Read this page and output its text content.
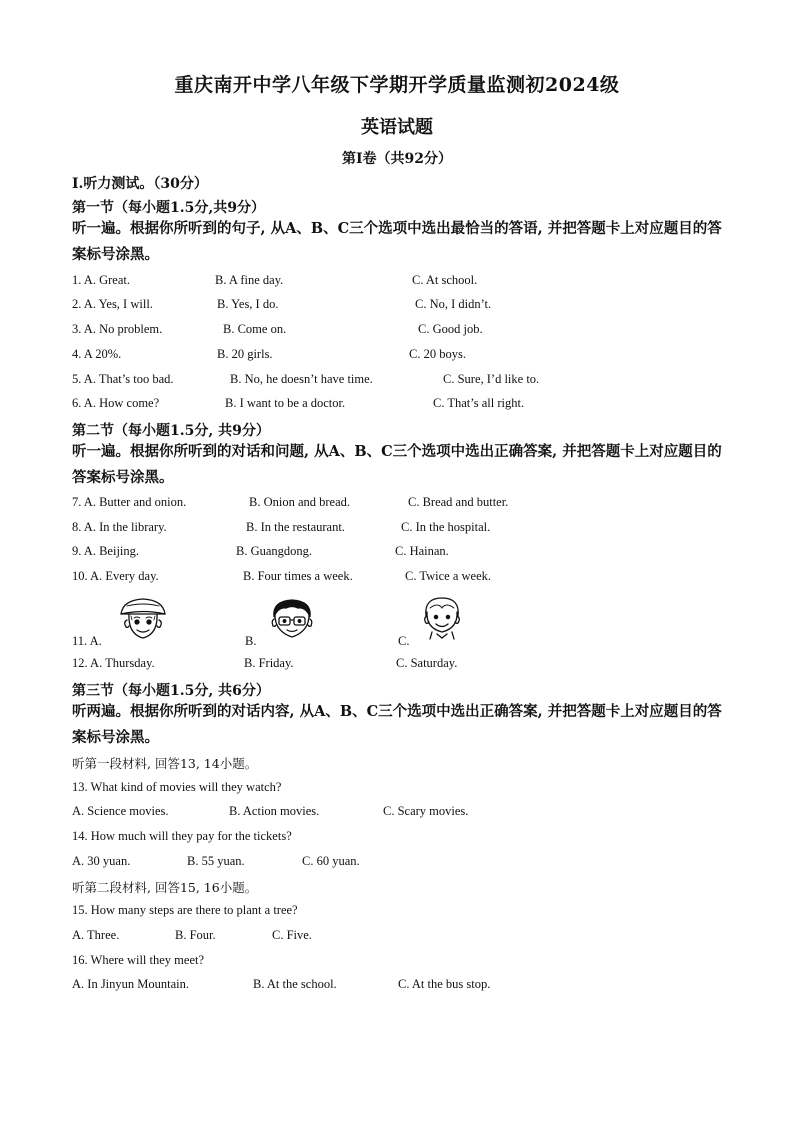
重庆南开中学八年级下学期开学质量监测初2024级
英语试题
第I卷（共92分）
I.听力测试。（30分）
第一节（每小题1.5分,共9分）
听一遍。根据你所听到的句子, 从A、B、C三个选项中选出最恰当的答语, 并把答题卡上对应题目的答案标号涂黑。
1. A. Great.	B. A fine day.	C. At school.
2. A. Yes, I will.	B. Yes, I do.	C. No, I didn’t.
3. A. No problem.	B. Come on.	C. Good job.
4. A 20%.	B. 20 girls.	C. 20 boys.
5. A. That’s too bad.	B. No, he doesn’t have time.	C. Sure, I’d like to.
6. A. How come?	B. I want to be a doctor.	C. That’s all right.
第二节（每小题1.5分, 共9分）
听一遍。根据你所听到的对话和问题, 从A、B、C三个选项中选出正确答案, 并把答题卡上对应题目的答案标号涂黑。
7. A. Butter and onion.	B. Onion and bread.	C. Bread and butter.
8. A. In the library.	B. In the restaurant.	C. In the hospital.
9. A. Beijing.	B. Guangdong.	C. Hainan.
10. A. Every day.	B. Four times a week.	C. Twice a week.
11. A.	B.	C.
12. A. Thursday.	B. Friday.	C. Saturday.
第三节（每小题1.5分, 共6分）
听两遍。根据你所听到的对话内容, 从A、B、C三个选项中选出正确答案, 并把答题卡上对应题目的答案标号涂黑。
听第一段材料, 回答13, 14小题。
13. What kind of movies will they watch?
A. Science movies.	B. Action movies.	C. Scary movies.
14. How much will they pay for the tickets?
A. 30 yuan.	B. 55 yuan.	C. 60 yuan.
听第二段材料, 回答15, 16小题。
15. How many steps are there to plant a tree?
A. Three.	B. Four.	C. Five.
16. Where will they meet?
A. In Jinyun Mountain.	B. At the school.	C. At the bus stop.
